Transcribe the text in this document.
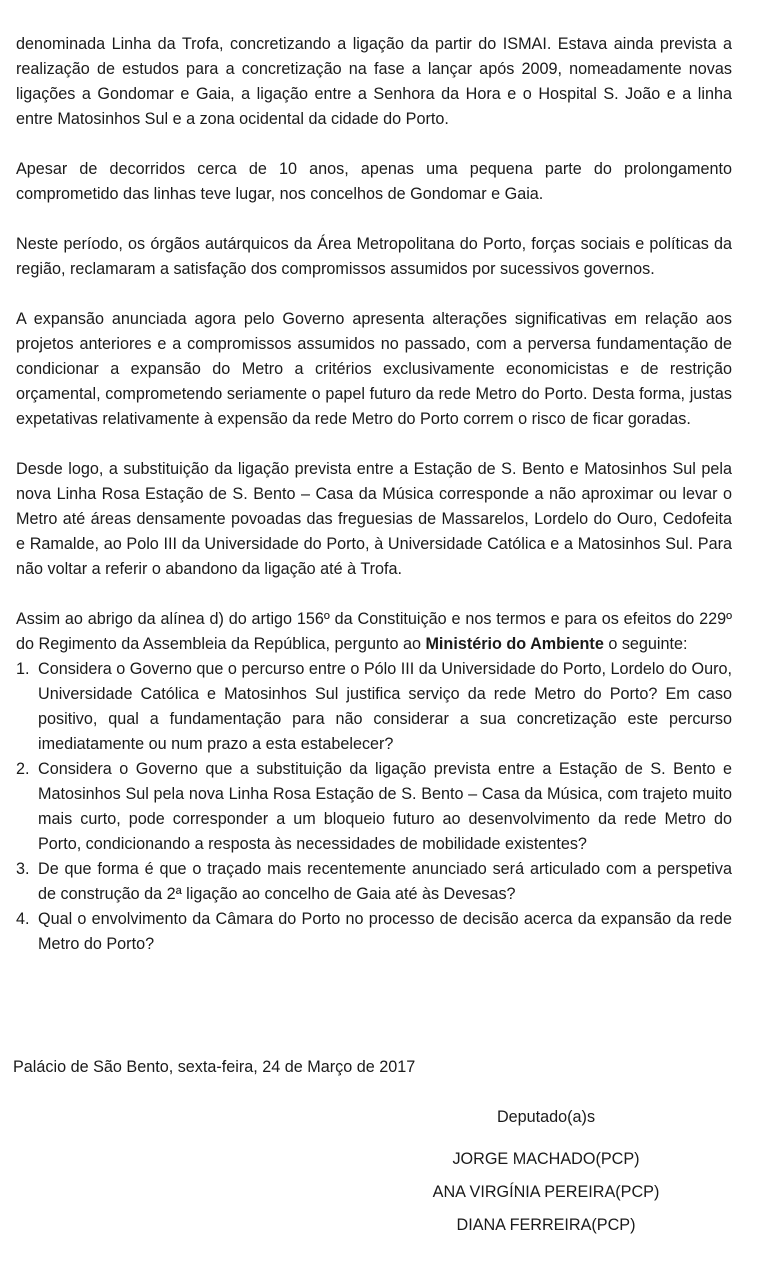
denominada Linha da Trofa, concretizando a ligação da partir do ISMAI. Estava ainda prevista a realização de estudos para a concretização na fase a lançar após 2009, nomeadamente novas ligações a Gondomar e Gaia, a ligação entre a Senhora da Hora e o Hospital S. João e a linha entre Matosinhos Sul e a zona ocidental da cidade do Porto.

Apesar de decorridos cerca de 10 anos, apenas uma pequena parte do prolongamento comprometido das linhas teve lugar, nos concelhos de Gondomar e Gaia.

Neste período, os órgãos autárquicos da Área Metropolitana do Porto, forças sociais e políticas da região, reclamaram a satisfação dos compromissos assumidos por sucessivos governos.

A expansão anunciada agora pelo Governo apresenta alterações significativas em relação aos projetos anteriores e a compromissos assumidos no passado, com a perversa fundamentação de condicionar a expansão do Metro a critérios exclusivamente economicistas e de restrição orçamental, comprometendo seriamente o papel futuro da rede Metro do Porto. Desta forma, justas expetativas relativamente à expensão da rede Metro do Porto correm o risco de ficar goradas.

Desde logo, a substituição da ligação prevista entre a Estação de S. Bento e Matosinhos Sul pela nova Linha Rosa Estação de S. Bento – Casa da Música corresponde a não aproximar ou levar o Metro até áreas densamente povoadas das freguesias de Massarelos, Lordelo do Ouro, Cedofeita e Ramalde, ao Polo III da Universidade do Porto, à Universidade Católica e a Matosinhos Sul. Para não voltar a referir o abandono da ligação até à Trofa.

Assim ao abrigo da alínea d) do artigo 156º da Constituição e nos termos e para os efeitos do 229º do Regimento da Assembleia da República, pergunto ao Ministério do Ambiente o seguinte:

1. Considera o Governo que o percurso entre o Pólo III da Universidade do Porto, Lordelo do Ouro, Universidade Católica e Matosinhos Sul justifica serviço da rede Metro do Porto? Em caso positivo, qual a fundamentação para não considerar a sua concretização este percurso imediatamente ou num prazo a esta estabelecer?
2. Considera o Governo que a substituição da ligação prevista entre a Estação de S. Bento e Matosinhos Sul pela nova Linha Rosa Estação de S. Bento – Casa da Música, com trajeto muito mais curto, pode corresponder a um bloqueio futuro ao desenvolvimento da rede Metro do Porto, condicionando a resposta às necessidades de mobilidade existentes?
3. De que forma é que o traçado mais recentemente anunciado será articulado com a perspetiva de construção da 2ª ligação ao concelho de Gaia até às Devesas?
4. Qual o envolvimento da Câmara do Porto no processo de decisão acerca da expansão da rede Metro do Porto?
Palácio de São Bento, sexta-feira, 24 de Março de 2017
Deputado(a)s
JORGE MACHADO(PCP)
ANA VIRGÍNIA PEREIRA(PCP)
DIANA FERREIRA(PCP)
